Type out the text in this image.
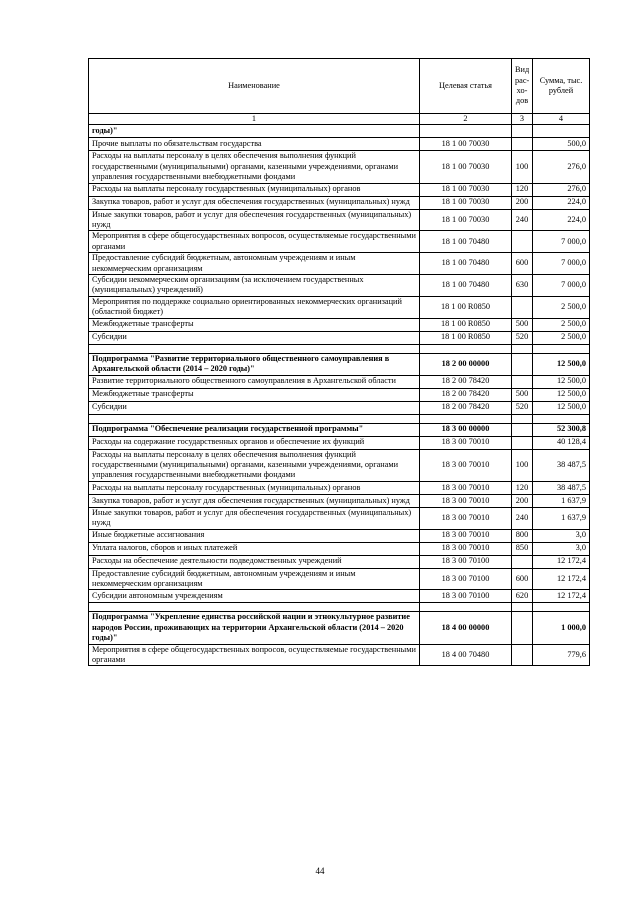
Наименование	Целевая статья	Вид рас-хо-дов	Сумма, тыс. рублей
1	2	3	4
годы)"			
Прочие выплаты по обязательствам государства	18 1 00 70030		500,0
Расходы на выплаты персоналу в целях обеспечения выполнения функций государственными (муниципальными) органами, казенными учреждениями, органами управления государственными внебюджетными фондами	18 1 00 70030	100	276,0
Расходы на выплаты персоналу государственных (муниципальных) органов	18 1 00 70030	120	276,0
Закупка товаров, работ и услуг для обеспечения государственных (муниципальных) нужд	18 1 00 70030	200	224,0
Иные закупки товаров, работ и услуг для обеспечения государственных (муниципальных) нужд	18 1 00 70030	240	224,0
Мероприятия в сфере общегосударственных вопросов, осуществляемые государственными органами	18 1 00 70480		7 000,0
Предоставление субсидий бюджетным, автономным учреждениям и иным некоммерческим организациям	18 1 00 70480	600	7 000,0
Субсидии некоммерческим организациям (за исключением государственных (муниципальных) учреждений)	18 1 00 70480	630	7 000,0
Мероприятия по поддержке социально ориентированных некоммерческих организаций (областной бюджет)	18 1 00 R0850		2 500,0
Межбюджетные трансферты	18 1 00 R0850	500	2 500,0
Субсидии	18 1 00 R0850	520	2 500,0

Подпрограмма "Развитие территориального общественного самоуправления в Архангельской области (2014 – 2020 годы)"	18 2 00 00000		12 500,0
Развитие территориального общественного самоуправления в Архангельской области	18 2 00 78420		12 500,0
Межбюджетные трансферты	18 2 00 78420	500	12 500,0
Субсидии	18 2 00 78420	520	12 500,0

Подпрограмма "Обеспечение реализации государственной программы"	18 3 00 00000		52 300,8
Расходы на содержание государственных органов и обеспечение их функций	18 3 00 70010		40 128,4
Расходы на выплаты персоналу в целях обеспечения выполнения функций государственными (муниципальными) органами, казенными учреждениями, органами управления государственными внебюджетными фондами	18 3 00 70010	100	38 487,5
Расходы на выплаты персоналу государственных (муниципальных) органов	18 3 00 70010	120	38 487,5
Закупка товаров, работ и услуг для обеспечения государственных (муниципальных) нужд	18 3 00 70010	200	1 637,9
Иные закупки товаров, работ и услуг для обеспечения государственных (муниципальных) нужд	18 3 00 70010	240	1 637,9
Иные бюджетные ассигнования	18 3 00 70010	800	3,0
Уплата налогов, сборов и иных платежей	18 3 00 70010	850	3,0
Расходы на обеспечение деятельности подведомственных учреждений	18 3 00 70100		12 172,4
Предоставление субсидий бюджетным, автономным учреждениям и иным некоммерческим организациям	18 3 00 70100	600	12 172,4
Субсидии автономным учреждениям	18 3 00 70100	620	12 172,4

Подпрограмма "Укрепление единства российской нации и этнокультурное развитие народов России, проживающих на территории Архангельской области (2014 – 2020 годы)"	18 4 00 00000		1 000,0
Мероприятия в сфере общегосударственных вопросов, осуществляемые государственными органами	18 4 00 70480		779,6
44
